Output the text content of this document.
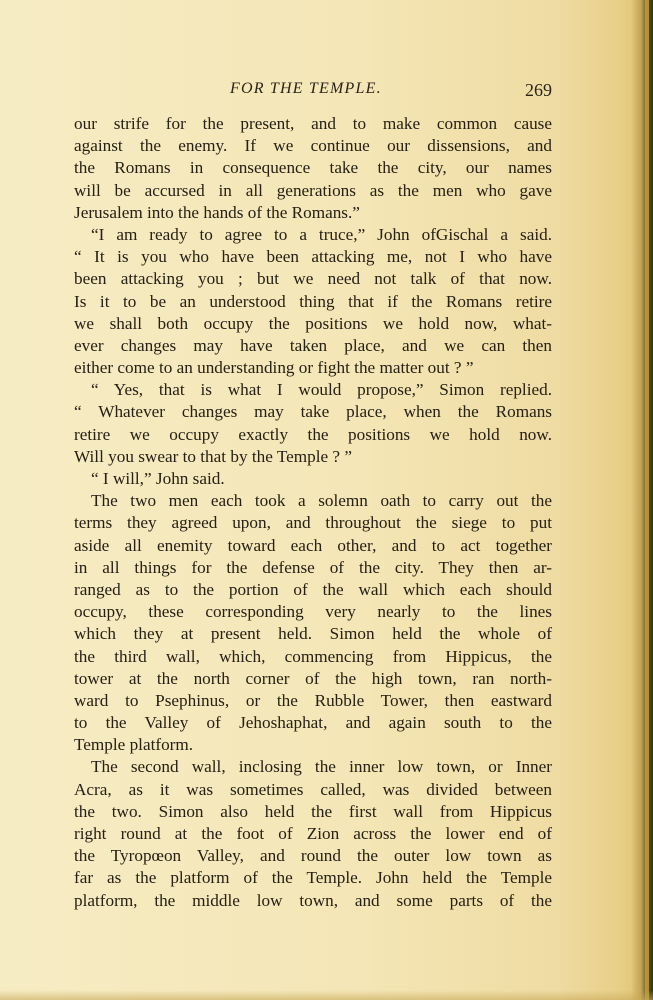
FOR THE TEMPLE.	269
our strife for the present, and to make common cause
against the enemy. If we continue our dissensions, and
the Romans in consequence take the city, our names
will be accursed in all generations as the men who gave
Jerusalem into the hands of the Romans.”
“I am ready to agree to a truce,” John ofGischal a said.
“ It is you who have been attacking me, not I who have
been attacking you ; but we need not talk of that now.
Is it to be an understood thing that if the Romans retire
we shall both occupy the positions we hold now, what-
ever changes may have taken place, and we can then
either come to an understanding or fight the matter out ? ”
“ Yes, that is what I would propose,” Simon replied.
“ Whatever changes may take place, when the Romans
retire we occupy exactly the positions we hold now.
Will you swear to that by the Temple ? ”
“ I will,” John said.
The two men each took a solemn oath to carry out the
terms they agreed upon, and throughout the siege to put
aside all enemity toward each other, and to act together
in all things for the defense of the city. They then ar-
ranged as to the portion of the wall which each should
occupy, these corresponding very nearly to the lines
which they at present held. Simon held the whole of
the third wall, which, commencing from Hippicus, the
tower at the north corner of the high town, ran north-
ward to Psephinus, or the Rubble Tower, then eastward
to the Valley of Jehoshaphat, and again south to the
Temple platform.
The second wall, inclosing the inner low town, or Inner
Acra, as it was sometimes called, was divided between
the two. Simon also held the first wall from Hippicus
right round at the foot of Zion across the lower end of
the Tyropœon Valley, and round the outer low town as
far as the platform of the Temple. John held the Temple
platform, the middle low town, and some parts of the
